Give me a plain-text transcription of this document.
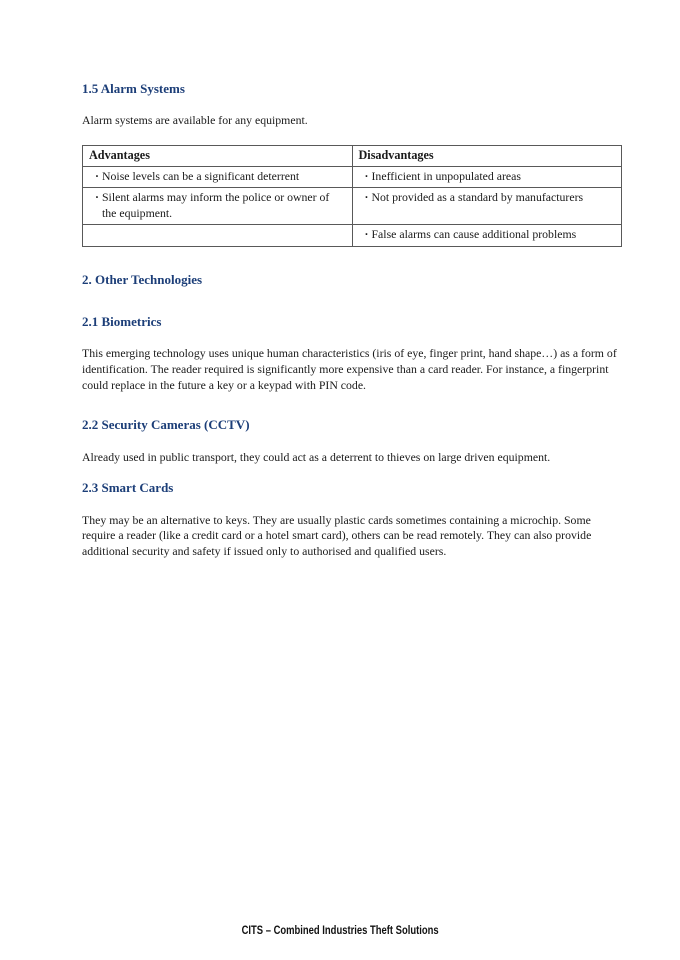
1.5 Alarm Systems
Alarm systems are available for any equipment.
Advantages	Disadvantages

· Noise levels can be a significant deterrent	· Inefficient in unpopulated areas

· Silent alarms may inform the police or owner of the equipment.	· Not provided as a standard by manufacturers

	· False alarms can cause additional problems
2. Other Technologies
2.1 Biometrics
This emerging technology uses unique human characteristics (iris of eye, finger print, hand shape…) as a form of identification. The reader required is significantly more expensive than a card reader. For instance, a fingerprint could replace in the future a key or a keypad with PIN code.
2.2 Security Cameras (CCTV)
Already used in public transport, they could act as a deterrent to thieves on large driven equipment.
2.3 Smart Cards
They may be an alternative to keys. They are usually plastic cards sometimes containing a microchip. Some require a reader (like a credit card or a hotel smart card), others can be read remotely. They can also provide additional security and safety if issued only to authorised and qualified users.
CITS – Combined Industries Theft Solutions
